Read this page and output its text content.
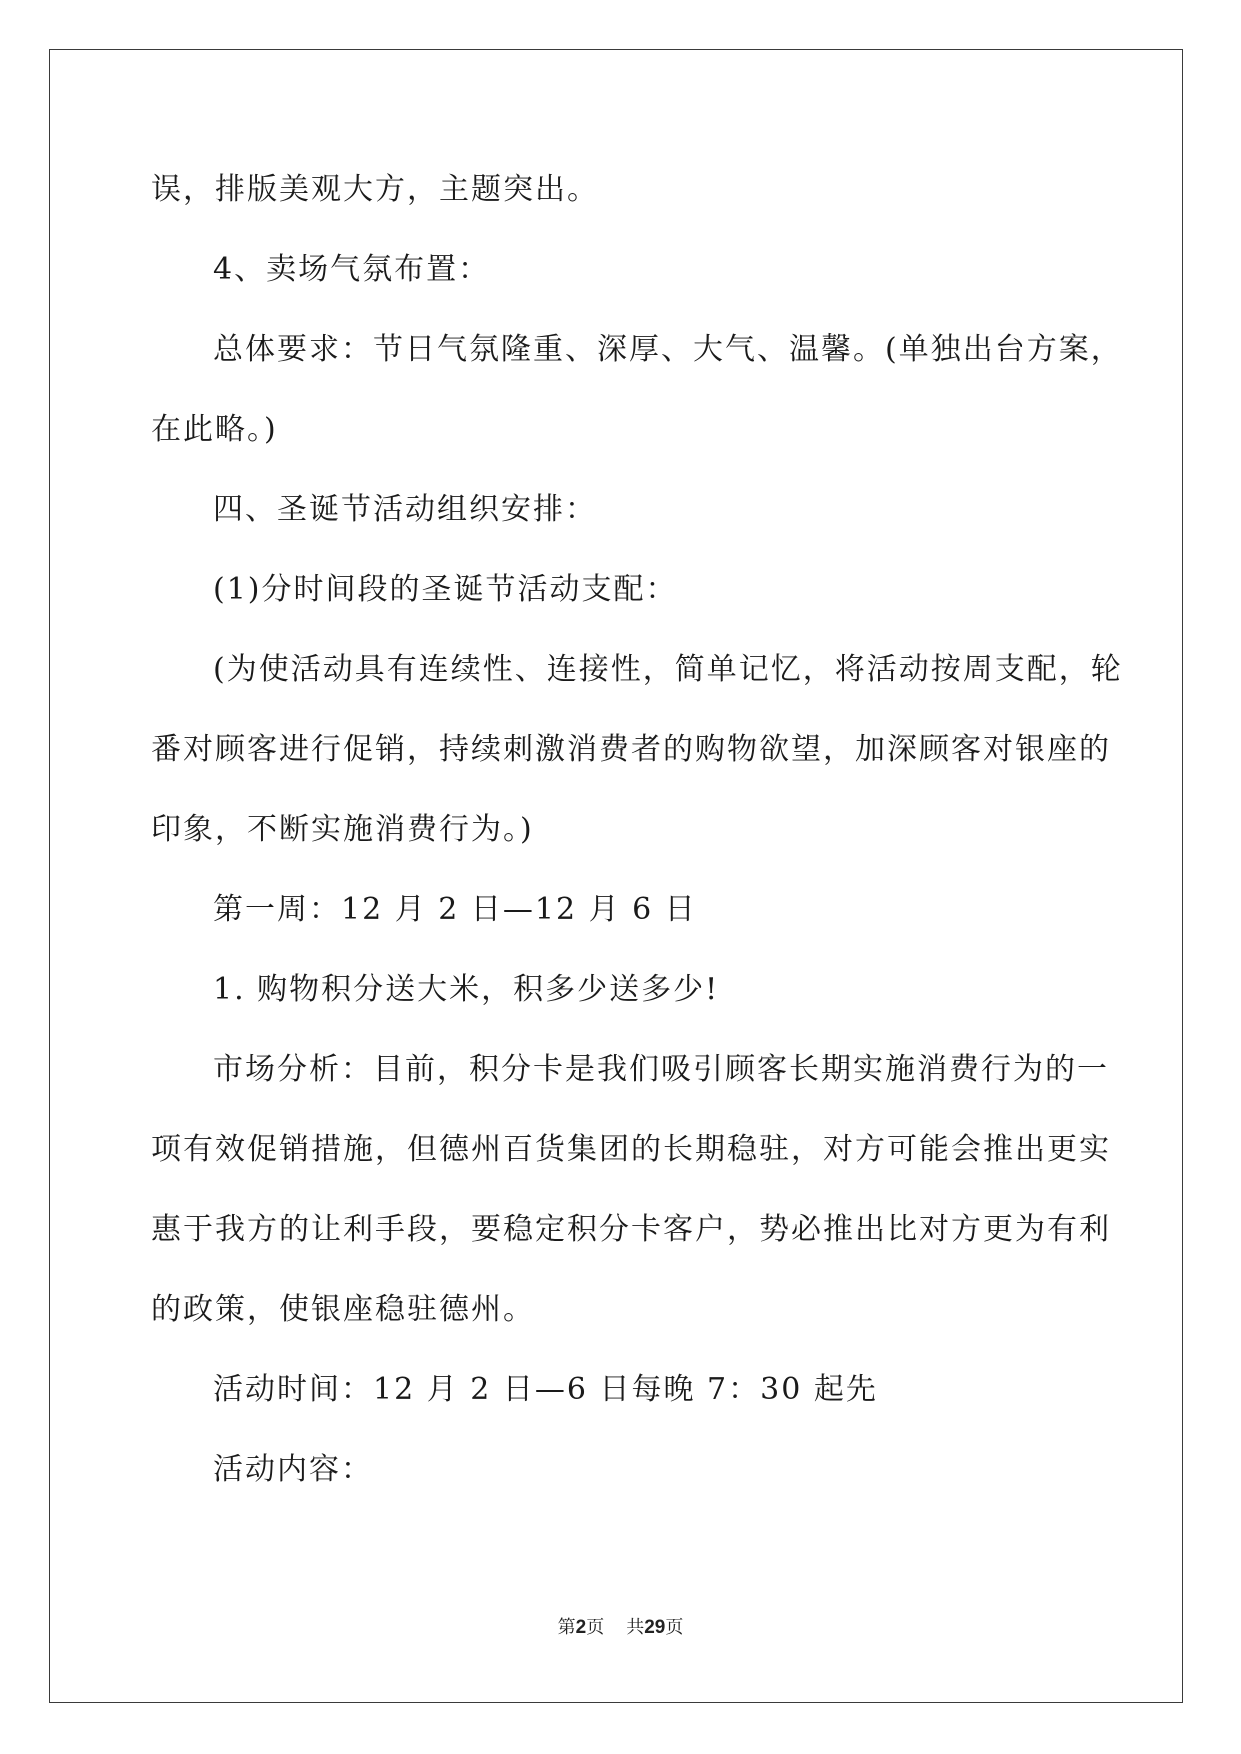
误，排版美观大方，主题突出。
4、卖场气氛布置：
总体要求：节日气氛隆重、深厚、大气、温馨。(单独出台方案，
在此略。)
四、圣诞节活动组织安排：
(1)分时间段的圣诞节活动支配：
(为使活动具有连续性、连接性，简单记忆，将活动按周支配，轮
番对顾客进行促销，持续刺激消费者的购物欲望，加深顾客对银座的
印象，不断实施消费行为。)
第一周：12 月 2 日—12 月 6 日
1. 购物积分送大米，积多少送多少!
市场分析：目前，积分卡是我们吸引顾客长期实施消费行为的一
项有效促销措施，但德州百货集团的长期稳驻，对方可能会推出更实
惠于我方的让利手段，要稳定积分卡客户，势必推出比对方更为有利
的政策，使银座稳驻德州。
活动时间：12 月 2 日—6 日每晚 7：30 起先
活动内容：
第2页 共29页
